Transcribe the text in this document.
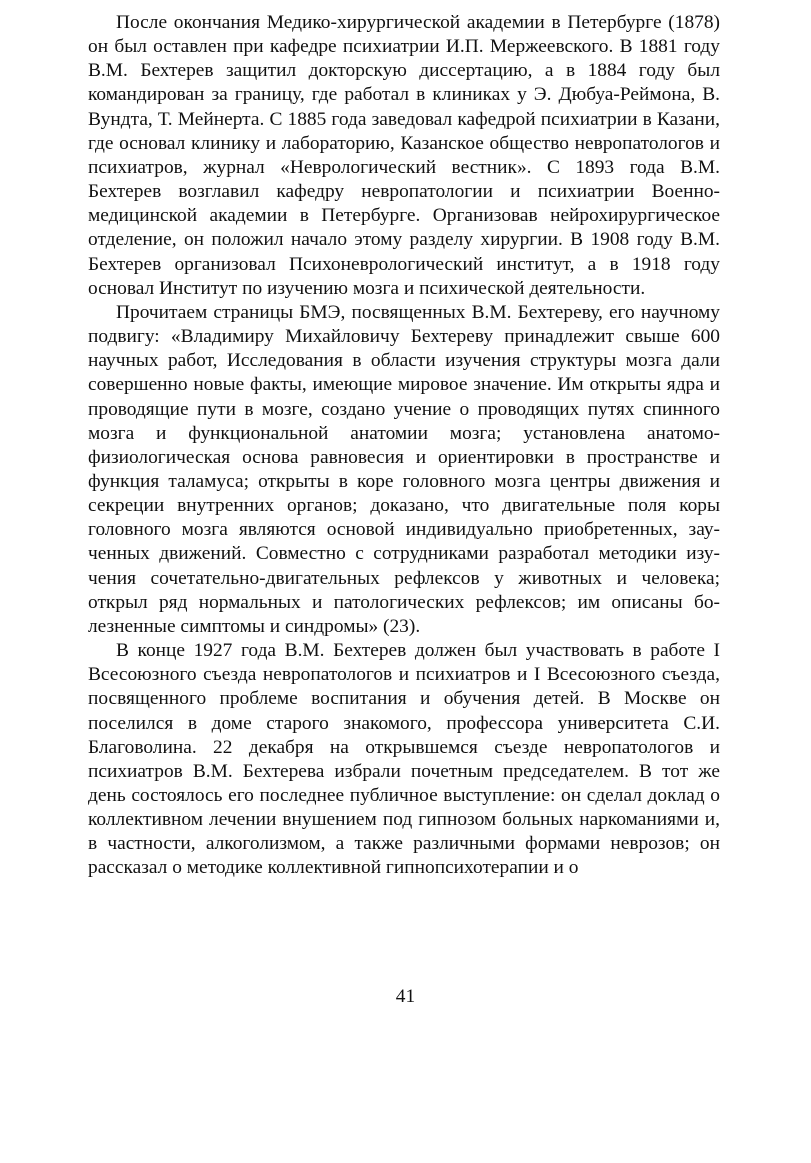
После окончания Медико-хирургической академии в Петербурге (1878) он был оставлен при кафедре психиатрии И.П. Мержеевского. В 1881 году В.М. Бехтерев защитил докторскую диссертацию, а в 1884 году был командирован за границу, где работал в клиниках у Э. Дюбуа-Реймона, В. Вундта, Т. Мейнерта. С 1885 года заведовал кафедрой психиатрии в Казани, где основал клинику и лабораторию, Казанское общество невропатологов и психиатров, журнал «Неврологический вестник». С 1893 года В.М. Бехтерев возглавил кафедру невропатологии и психиатрии Военно-медицинской академии в Петербурге. Организовав нейрохирургическое отделение, он положил начало этому разделу хирургии. В 1908 году В.М. Бехтерев организовал Психоневрологический институт, а в 1918 году основал Институт по изучению мозга и психической деятельности.

Прочитаем страницы БМЭ, посвященных В.М. Бехтереву, его научному подвигу: «Владимиру Михайловичу Бехтереву принадлежит свыше 600 научных работ, Исследования в области изучения структуры мозга дали совершенно новые факты, имеющие мировое значение. Им открыты ядра и проводящие пути в мозге, создано учение о проводящих путях спинного мозга и функциональной анатомии мозга; установлена анатомо-физиологическая основа равновесия и ориентировки в пространстве и функция таламуса; открыты в коре головного мозга центры движения и секреции внутренних органов; доказано, что двигательные поля коры головного мозга являются основой индивидуально приобретенных, заученных движений. Совместно с сотрудниками разработал методики изучения сочетательно-двигательных рефлексов у животных и человека; открыл ряд нормальных и патологических рефлексов; им описаны болезненные симптомы и синдромы» (23).

В конце 1927 года В.М. Бехтерев должен был участвовать в работе I Всесоюзного съезда невропатологов и психиатров и I Всесоюзного съезда, посвященного проблеме воспитания и обучения детей. В Москве он поселился в доме старого знакомого, профессора университета С.И. Благоволина. 22 декабря на открывшемся съезде невропатологов и психиатров В.М. Бехтерева избрали почетным председателем. В тот же день состоялось его последнее публичное выступление: он сделал доклад о коллективном лечении внушением под гипнозом больных наркоманиями и, в частности, алкоголизмом, а также различными формами неврозов; он рассказал о методике коллективной гипнопсихотерапии и о

41
